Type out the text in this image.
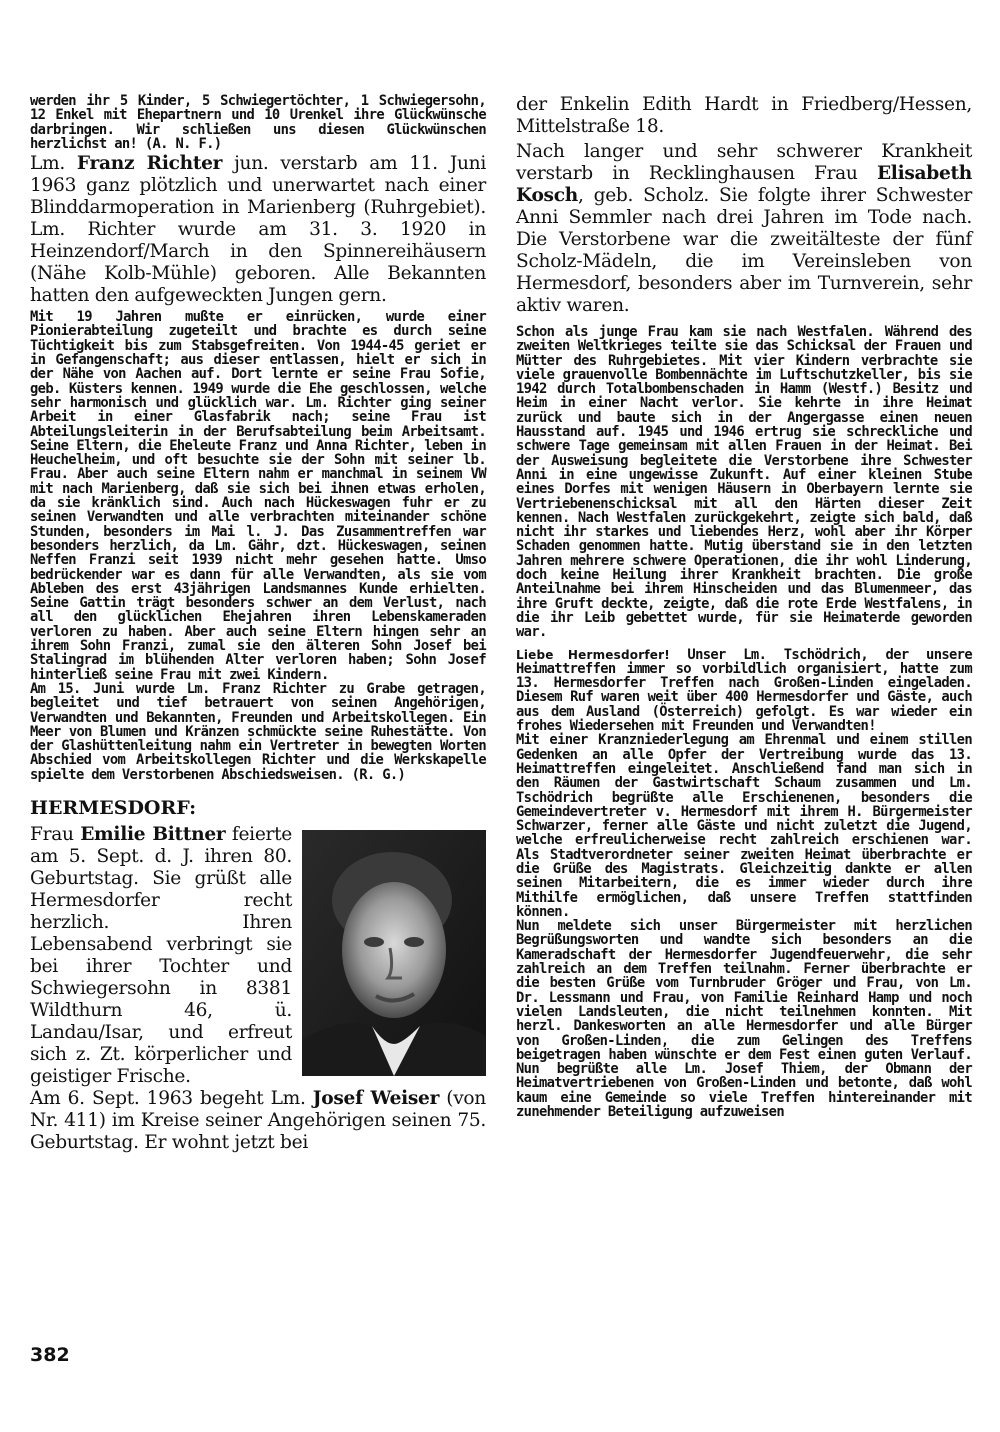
werden ihr 5 Kinder, 5 Schwiegertöchter, 1 Schwiegersohn, 12 Enkel mit Ehepartnern und 10 Urenkel ihre Glückwünsche darbringen. Wir schließen uns diesen Glückwünschen herzlichst an! (A. N. F.)

Lm. Franz Richter jun. verstarb am 11. Juni 1963 ganz plötzlich und unerwartet nach einer Blinddarmoperation in Marienberg (Ruhrgebiet). Lm. Richter wurde am 31. 3. 1920 in Heinzendorf/March in den Spinnereihäusern (Nähe Kolb-Mühle) geboren. Alle Bekannten hatten den aufgeweckten Jungen gern.

Mit 19 Jahren mußte er einrücken, wurde einer Pionierabteilung zugeteilt und brachte es durch seine Tüchtigkeit bis zum Stabsgefreiten. Von 1944-45 geriet er in Gefangenschaft; aus dieser entlassen, hielt er sich in der Nähe von Aachen auf. Dort lernte er seine Frau Sofie, geb. Küsters kennen. 1949 wurde die Ehe geschlossen, welche sehr harmonisch und glücklich war. Lm. Richter ging seiner Arbeit in einer Glasfabrik nach; seine Frau ist Abteilungsleiterin in der Berufsabteilung beim Arbeitsamt. Seine Eltern, die Eheleute Franz und Anna Richter, leben in Heuchelheim, und oft besuchte sie der Sohn mit seiner lb. Frau. Aber auch seine Eltern nahm er manchmal in seinem VW mit nach Marienberg, daß sie sich bei ihnen etwas erholen, da sie kränklich sind. Auch nach Hückeswagen fuhr er zu seinen Verwandten und alle verbrachten miteinander schöne Stunden, besonders im Mai l. J. Das Zusammentreffen war besonders herzlich, da Lm. Gähr, dzt. Hückeswagen, seinen Neffen Franzi seit 1939 nicht mehr gesehen hatte. Umso bedrückender war es dann für alle Verwandten, als sie vom Ableben des erst 43jährigen Landsmannes Kunde erhielten. Seine Gattin trägt besonders schwer an dem Verlust, nach all den glücklichen Ehejahren ihren Lebenskameraden verloren zu haben. Aber auch seine Eltern hingen sehr an ihrem Sohn Franzi, zumal sie den älteren Sohn Josef bei Stalingrad im blühenden Alter verloren haben; Sohn Josef hinterließ seine Frau mit zwei Kindern.

Am 15. Juni wurde Lm. Franz Richter zu Grabe getragen, begleitet und tief betrauert von seinen Angehörigen, Verwandten und Bekannten, Freunden und Arbeitskollegen. Ein Meer von Blumen und Kränzen schmückte seine Ruhestätte. Von der Glashüttenleitung nahm ein Vertreter in bewegten Worten Abschied vom Arbeitskollegen Richter und die Werkskapelle spielte dem Verstorbenen Abschiedsweisen. (R. G.)

HERMESDORF:

Frau Emilie Bittner feierte am 5. Sept. d. J. ihren 80. Geburtstag. Sie grüßt alle Hermesdorfer recht herzlich. Ihren Lebensabend verbringt sie bei ihrer Tochter und Schwiegersohn in 8381 Wildthurn 46, ü. Landau/Isar, und erfreut sich z. Zt. körperlicher und geistiger Frische.

Am 6. Sept. 1963 begeht Lm. Josef Weiser (von Nr. 411) im Kreise seiner Angehörigen seinen 75. Geburtstag. Er wohnt jetzt bei

der Enkelin Edith Hardt in Friedberg/Hessen, Mittelstraße 18.

Nach langer und sehr schwerer Krankheit verstarb in Recklinghausen Frau Elisabeth Kosch, geb. Scholz. Sie folgte ihrer Schwester Anni Semmler nach drei Jahren im Tode nach. Die Verstorbene war die zweitälteste der fünf Scholz-Mädeln, die im Vereinsleben von Hermesdorf, besonders aber im Turnverein, sehr aktiv waren.

Schon als junge Frau kam sie nach Westfalen. Während des zweiten Weltkrieges teilte sie das Schicksal der Frauen und Mütter des Ruhrgebietes. Mit vier Kindern verbrachte sie viele grauenvolle Bombennächte im Luftschutzkeller, bis sie 1942 durch Totalbombenschaden in Hamm (Westf.) Besitz und Heim in einer Nacht verlor. Sie kehrte in ihre Heimat zurück und baute sich in der Angergasse einen neuen Hausstand auf. 1945 und 1946 ertrug sie schreckliche und schwere Tage gemeinsam mit allen Frauen in der Heimat. Bei der Ausweisung begleitete die Verstorbene ihre Schwester Anni in eine ungewisse Zukunft. Auf einer kleinen Stube eines Dorfes mit wenigen Häusern in Oberbayern lernte sie Vertriebenenschicksal mit all den Härten dieser Zeit kennen. Nach Westfalen zurückgekehrt, zeigte sich bald, daß nicht ihr starkes und liebendes Herz, wohl aber ihr Körper Schaden genommen hatte. Mutig überstand sie in den letzten Jahren mehrere schwere Operationen, die ihr wohl Linderung, doch keine Heilung ihrer Krankheit brachten. Die große Anteilnahme bei ihrem Hinscheiden und das Blumenmeer, das ihre Gruft deckte, zeigte, daß die rote Erde Westfalens, in die ihr Leib gebettet wurde, für sie Heimaterde geworden war.

Liebe Hermesdorfer! Unser Lm. Tschödrich, der unsere Heimattreffen immer so vorbildlich organisiert, hatte zum 13. Hermesdorfer Treffen nach Großen-Linden eingeladen. Diesem Ruf waren weit über 400 Hermesdorfer und Gäste, auch aus dem Ausland (Österreich) gefolgt. Es war wieder ein frohes Wiedersehen mit Freunden und Verwandten!

Mit einer Kranzniederlegung am Ehrenmal und einem stillen Gedenken an alle Opfer der Vertreibung wurde das 13. Heimattreffen eingeleitet. Anschließend fand man sich in den Räumen der Gastwirtschaft Schaum zusammen und Lm. Tschödrich begrüßte alle Erschienenen, besonders die Gemeindevertreter v. Hermesdorf mit ihrem H. Bürgermeister Schwarzer, ferner alle Gäste und nicht zuletzt die Jugend, welche erfreulicherweise recht zahlreich erschienen war. Als Stadtverordneter seiner zweiten Heimat überbrachte er die Grüße des Magistrats. Gleichzeitig dankte er allen seinen Mitarbeitern, die es immer wieder durch ihre Mithilfe ermöglichen, daß unsere Treffen stattfinden können.

Nun meldete sich unser Bürgermeister mit herzlichen Begrüßungsworten und wandte sich besonders an die Kameradschaft der Hermesdorfer Jugendfeuerwehr, die sehr zahlreich an dem Treffen teilnahm. Ferner überbrachte er die besten Grüße vom Turnbruder Gröger und Frau, von Lm. Dr. Lessmann und Frau, von Familie Reinhard Hamp und noch vielen Landsleuten, die nicht teilnehmen konnten. Mit herzl. Dankesworten an alle Hermesdorfer und alle Bürger von Großen-Linden, die zum Gelingen des Treffens beigetragen haben wünschte er dem Fest einen guten Verlauf. Nun begrüßte alle Lm. Josef Thiem, der Obmann der Heimatvertriebenen von Großen-Linden und betonte, daß wohl kaum eine Gemeinde so viele Treffen hintereinander mit zunehmender Beteiligung aufzuweisen

382
